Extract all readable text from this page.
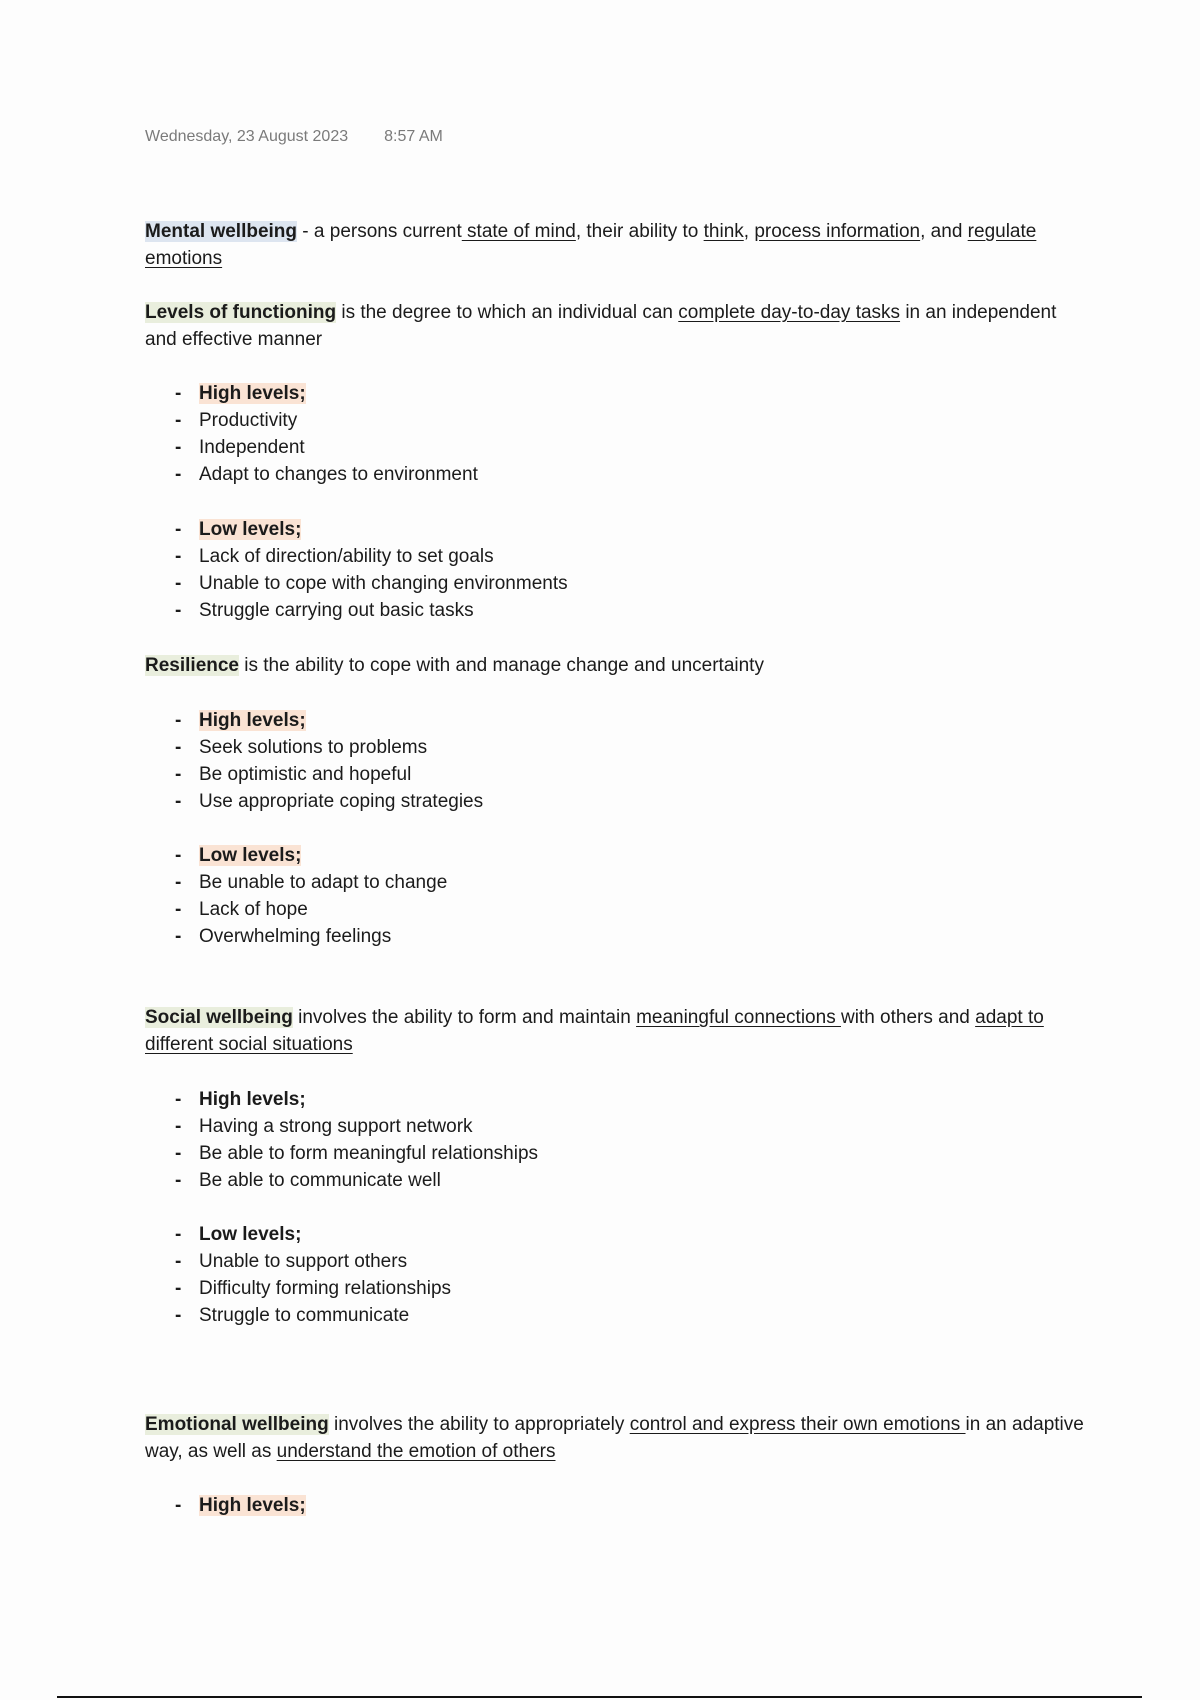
Wednesday, 23 August 2023 8:57 AM
Mental wellbeing - a persons current state of mind, their ability to think, process information, and regulate emotions
Levels of functioning is the degree to which an individual can complete day-to-day tasks in an independent and effective manner
- High levels;
- Productivity
- Independent
- Adapt to changes to environment
- Low levels;
- Lack of direction/ability to set goals
- Unable to cope with changing environments
- Struggle carrying out basic tasks
Resilience is the ability to cope with and manage change and uncertainty
- High levels;
- Seek solutions to problems
- Be optimistic and hopeful
- Use appropriate coping strategies
- Low levels;
- Be unable to adapt to change
- Lack of hope
- Overwhelming feelings
Social wellbeing involves the ability to form and maintain meaningful connections with others and adapt to different social situations
- High levels;
- Having a strong support network
- Be able to form meaningful relationships
- Be able to communicate well
- Low levels;
- Unable to support others
- Difficulty forming relationships
- Struggle to communicate
Emotional wellbeing involves the ability to appropriately control and express their own emotions in an adaptive way, as well as understand the emotion of others
- High levels;
